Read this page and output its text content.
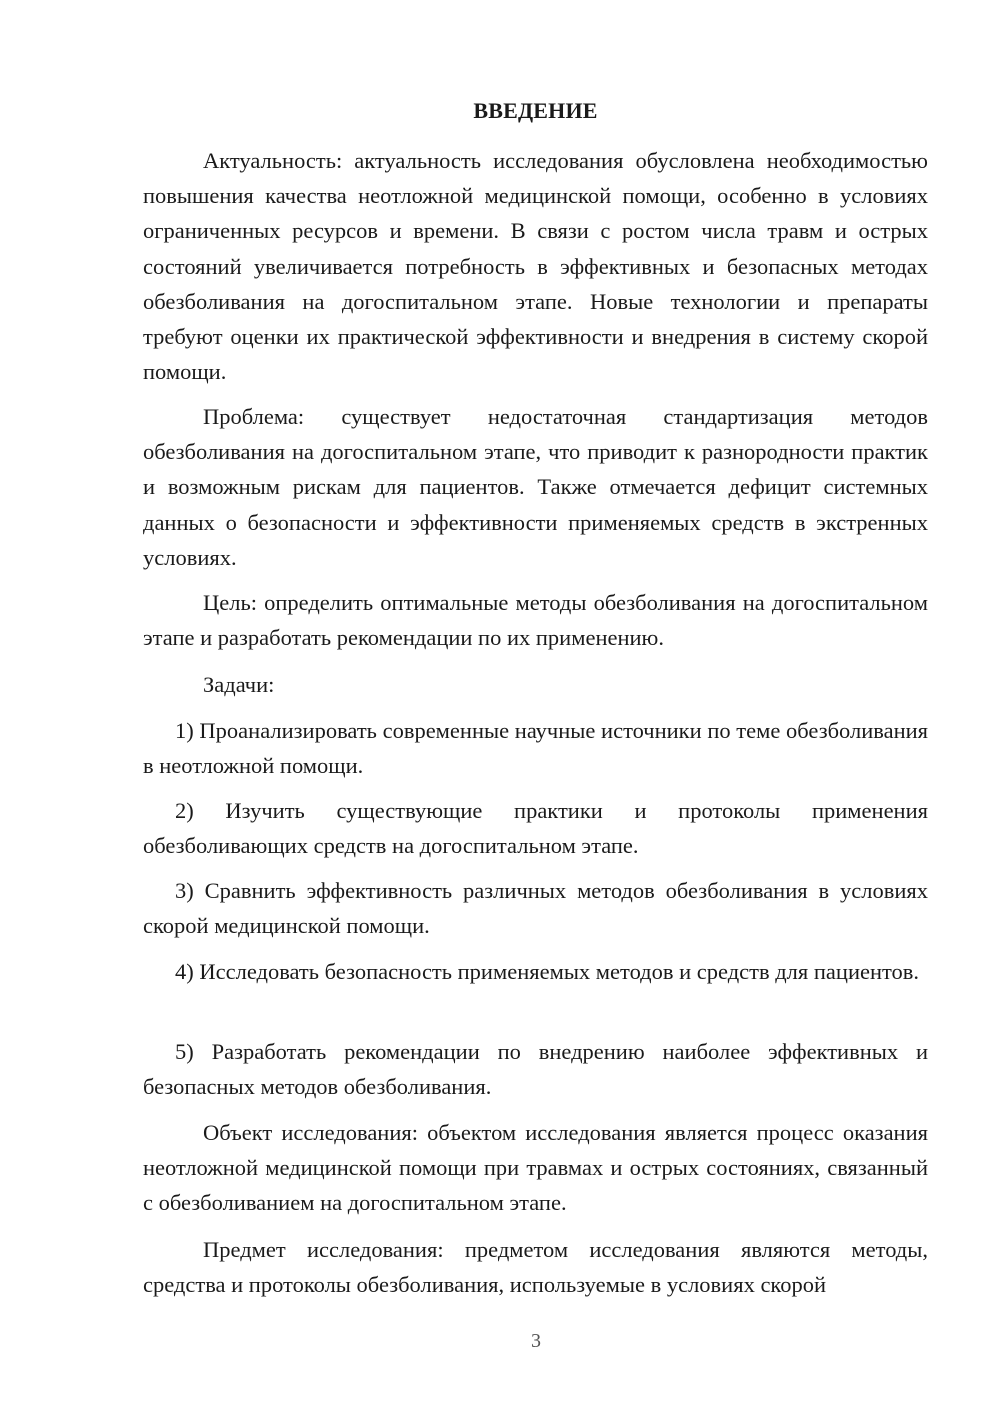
ВВЕДЕНИЕ

Актуальность: актуальность исследования обусловлена необходимостью повышения качества неотложной медицинской помощи, особенно в условиях ограниченных ресурсов и времени. В связи с ростом числа травм и острых состояний увеличивается потребность в эффективных и безопасных методах обезболивания на догоспитальном этапе. Новые технологии и препараты требуют оценки их практической эффективности и внедрения в систему скорой помощи.

Проблема: существует недостаточная стандартизация методов обезболивания на догоспитальном этапе, что приводит к разнородности практик и возможным рискам для пациентов. Также отмечается дефицит системных данных о безопасности и эффективности применяемых средств в экстренных условиях.

Цель: определить оптимальные методы обезболивания на догоспитальном этапе и разработать рекомендации по их применению.

Задачи:

1) Проанализировать современные научные источники по теме обезболивания в неотложной помощи.

2) Изучить существующие практики и протоколы применения обезболивающих средств на догоспитальном этапе.

3) Сравнить эффективность различных методов обезболивания в условиях скорой медицинской помощи.

4) Исследовать безопасность применяемых методов и средств для пациентов.

5) Разработать рекомендации по внедрению наиболее эффективных и безопасных методов обезболивания.

Объект исследования: объектом исследования является процесс оказания неотложной медицинской помощи при травмах и острых состояниях, связанный с обезболиванием на догоспитальном этапе.

Предмет исследования: предметом исследования являются методы, средства и протоколы обезболивания, используемые в условиях скорой

3
